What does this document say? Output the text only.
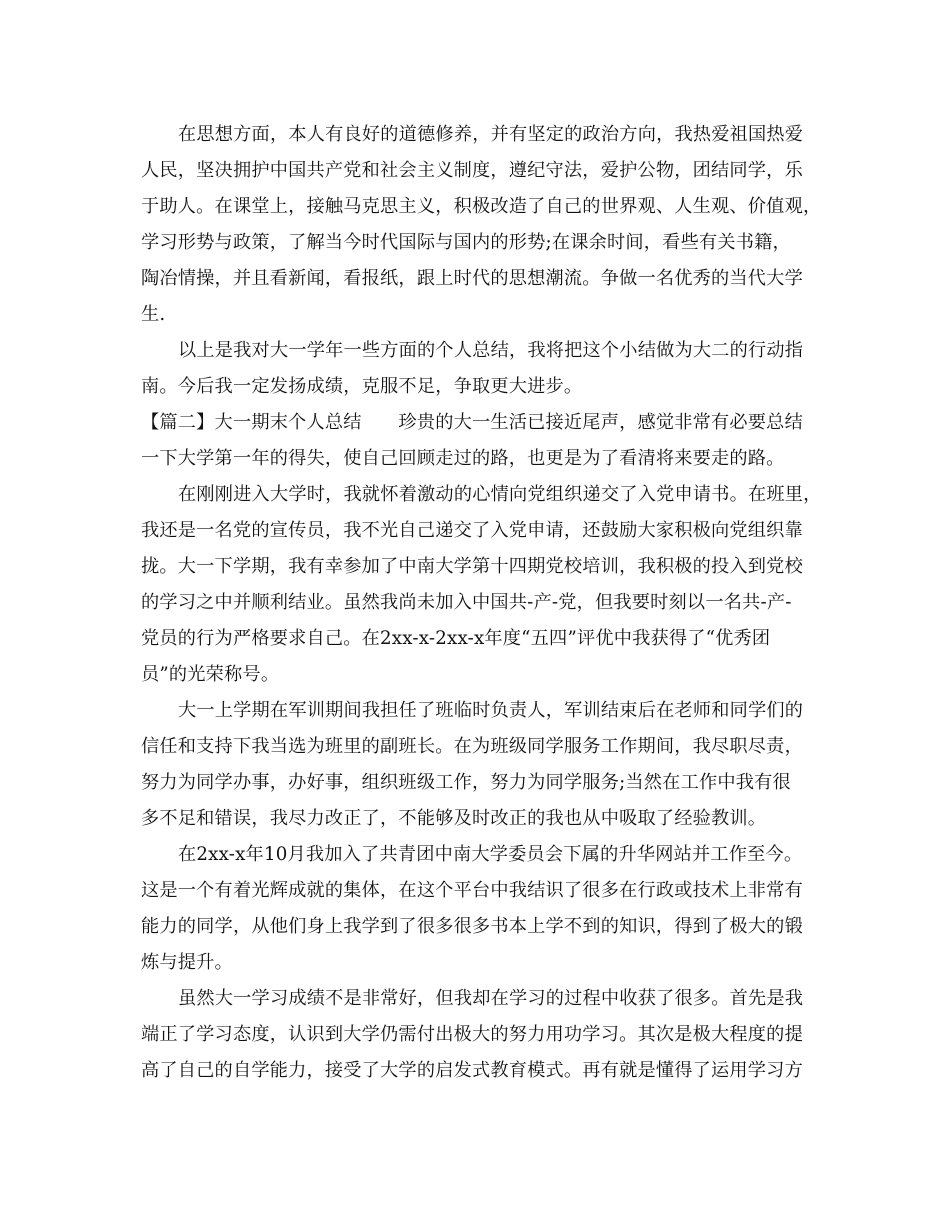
在思想方面，本人有良好的道德修养，并有坚定的政治方向，我热爱祖国热爱
人民，坚决拥护中国共产党和社会主义制度，遵纪守法，爱护公物，团结同学，乐
于助人。在课堂上，接触马克思主义，积极改造了自己的世界观、人生观、价值观，
学习形势与政策，了解当今时代国际与国内的形势;在课余时间，看些有关书籍，
陶冶情操，并且看新闻，看报纸，跟上时代的思想潮流。争做一名优秀的当代大学
生.
以上是我对大一学年一些方面的个人总结，我将把这个小结做为大二的行动指
南。今后我一定发扬成绩，克服不足，争取更大进步。
【篇二】大一期末个人总结　　珍贵的大一生活已接近尾声，感觉非常有必要总结
一下大学第一年的得失，使自己回顾走过的路，也更是为了看清将来要走的路。
在刚刚进入大学时，我就怀着激动的心情向党组织递交了入党申请书。在班里，
我还是一名党的宣传员，我不光自己递交了入党申请，还鼓励大家积极向党组织靠
拢。大一下学期，我有幸参加了中南大学第十四期党校培训，我积极的投入到党校
的学习之中并顺利结业。虽然我尚未加入中国共-产-党，但我要时刻以一名共-产-
党员的行为严格要求自己。在2xx-x-2xx-x年度“五四”评优中我获得了“优秀团
员”的光荣称号。
大一上学期在军训期间我担任了班临时负责人，军训结束后在老师和同学们的
信任和支持下我当选为班里的副班长。在为班级同学服务工作期间，我尽职尽责，
努力为同学办事，办好事，组织班级工作，努力为同学服务;当然在工作中我有很
多不足和错误，我尽力改正了，不能够及时改正的我也从中吸取了经验教训。
在2xx-x年10月我加入了共青团中南大学委员会下属的升华网站并工作至今。
这是一个有着光辉成就的集体，在这个平台中我结识了很多在行政或技术上非常有
能力的同学，从他们身上我学到了很多很多书本上学不到的知识，得到了极大的锻
炼与提升。
虽然大一学习成绩不是非常好，但我却在学习的过程中收获了很多。首先是我
端正了学习态度，认识到大学仍需付出极大的努力用功学习。其次是极大程度的提
高了自己的自学能力，接受了大学的启发式教育模式。再有就是懂得了运用学习方
